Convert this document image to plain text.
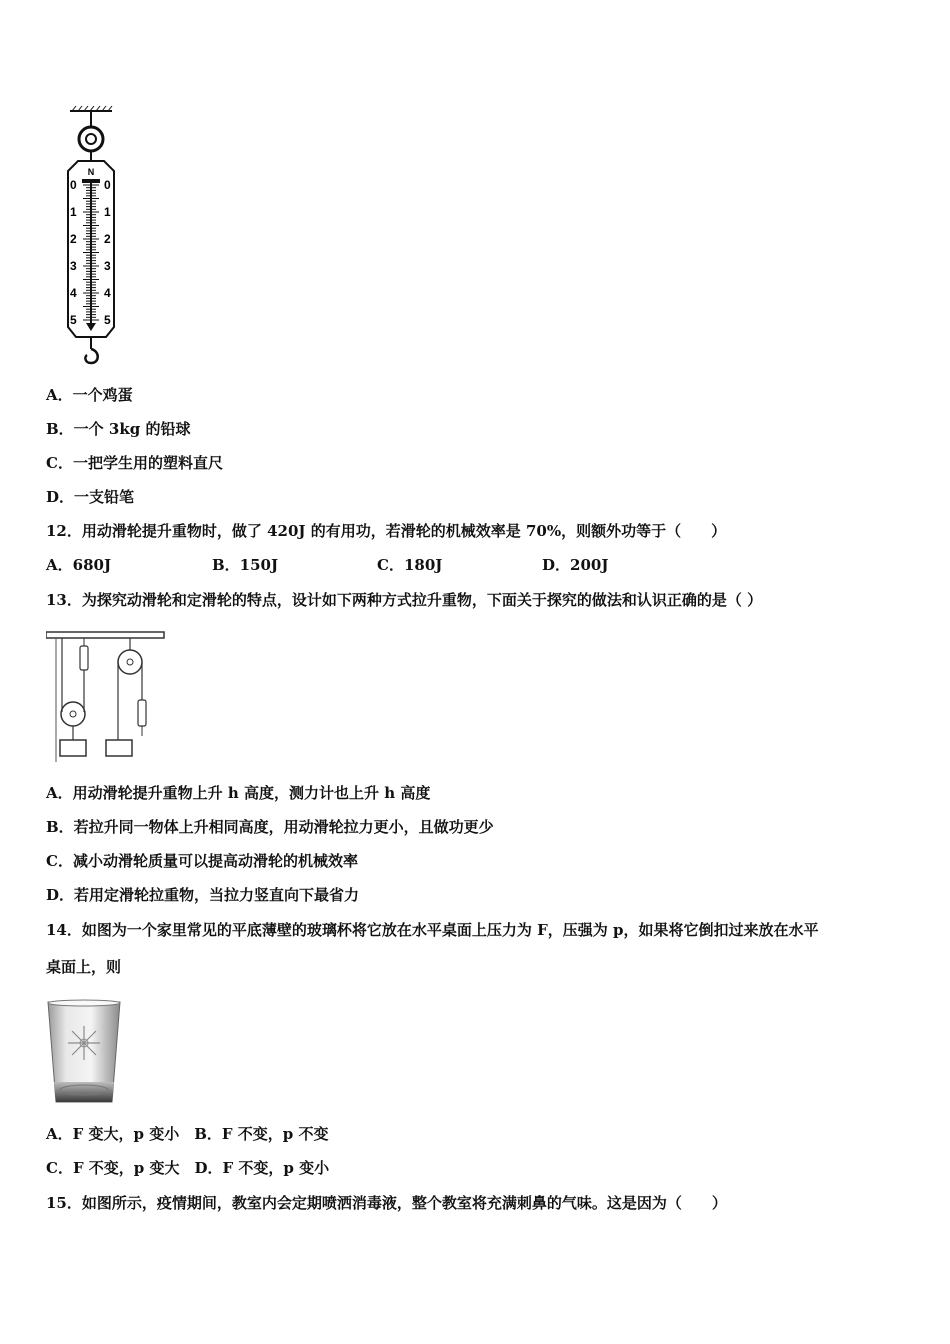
N
0
1
2
3
4
5
0
1
2
3
4
5
A．一个鸡蛋
B．一个 3kg 的铅球
C．一把学生用的塑料直尺
D．一支铅笔
12．用动滑轮提升重物时，做了 420J 的有用功，若滑轮的机械效率是 70%，则额外功等于（　　）
A．680J	B．150J	C．180J	D．200J
13．为探究动滑轮和定滑轮的特点，设计如下两种方式拉升重物，下面关于探究的做法和认识正确的是（ ）
A．用动滑轮提升重物上升 h 高度，测力计也上升 h 高度
B．若拉升同一物体上升相同高度，用动滑轮拉力更小，且做功更少
C．减小动滑轮质量可以提高动滑轮的机械效率
D．若用定滑轮拉重物，当拉力竖直向下最省力
14．如图为一个家里常见的平底薄壁的玻璃杯将它放在水平桌面上压力为 F，压强为 p，如果将它倒扣过来放在水平
桌面上，则
A．F 变大，p 变小　B．F 不变，p 不变
C．F 不变，p 变大　D．F 不变，p 变小
15．如图所示，疫情期间，教室内会定期喷洒消毒液，整个教室将充满刺鼻的气味。这是因为（　　）
